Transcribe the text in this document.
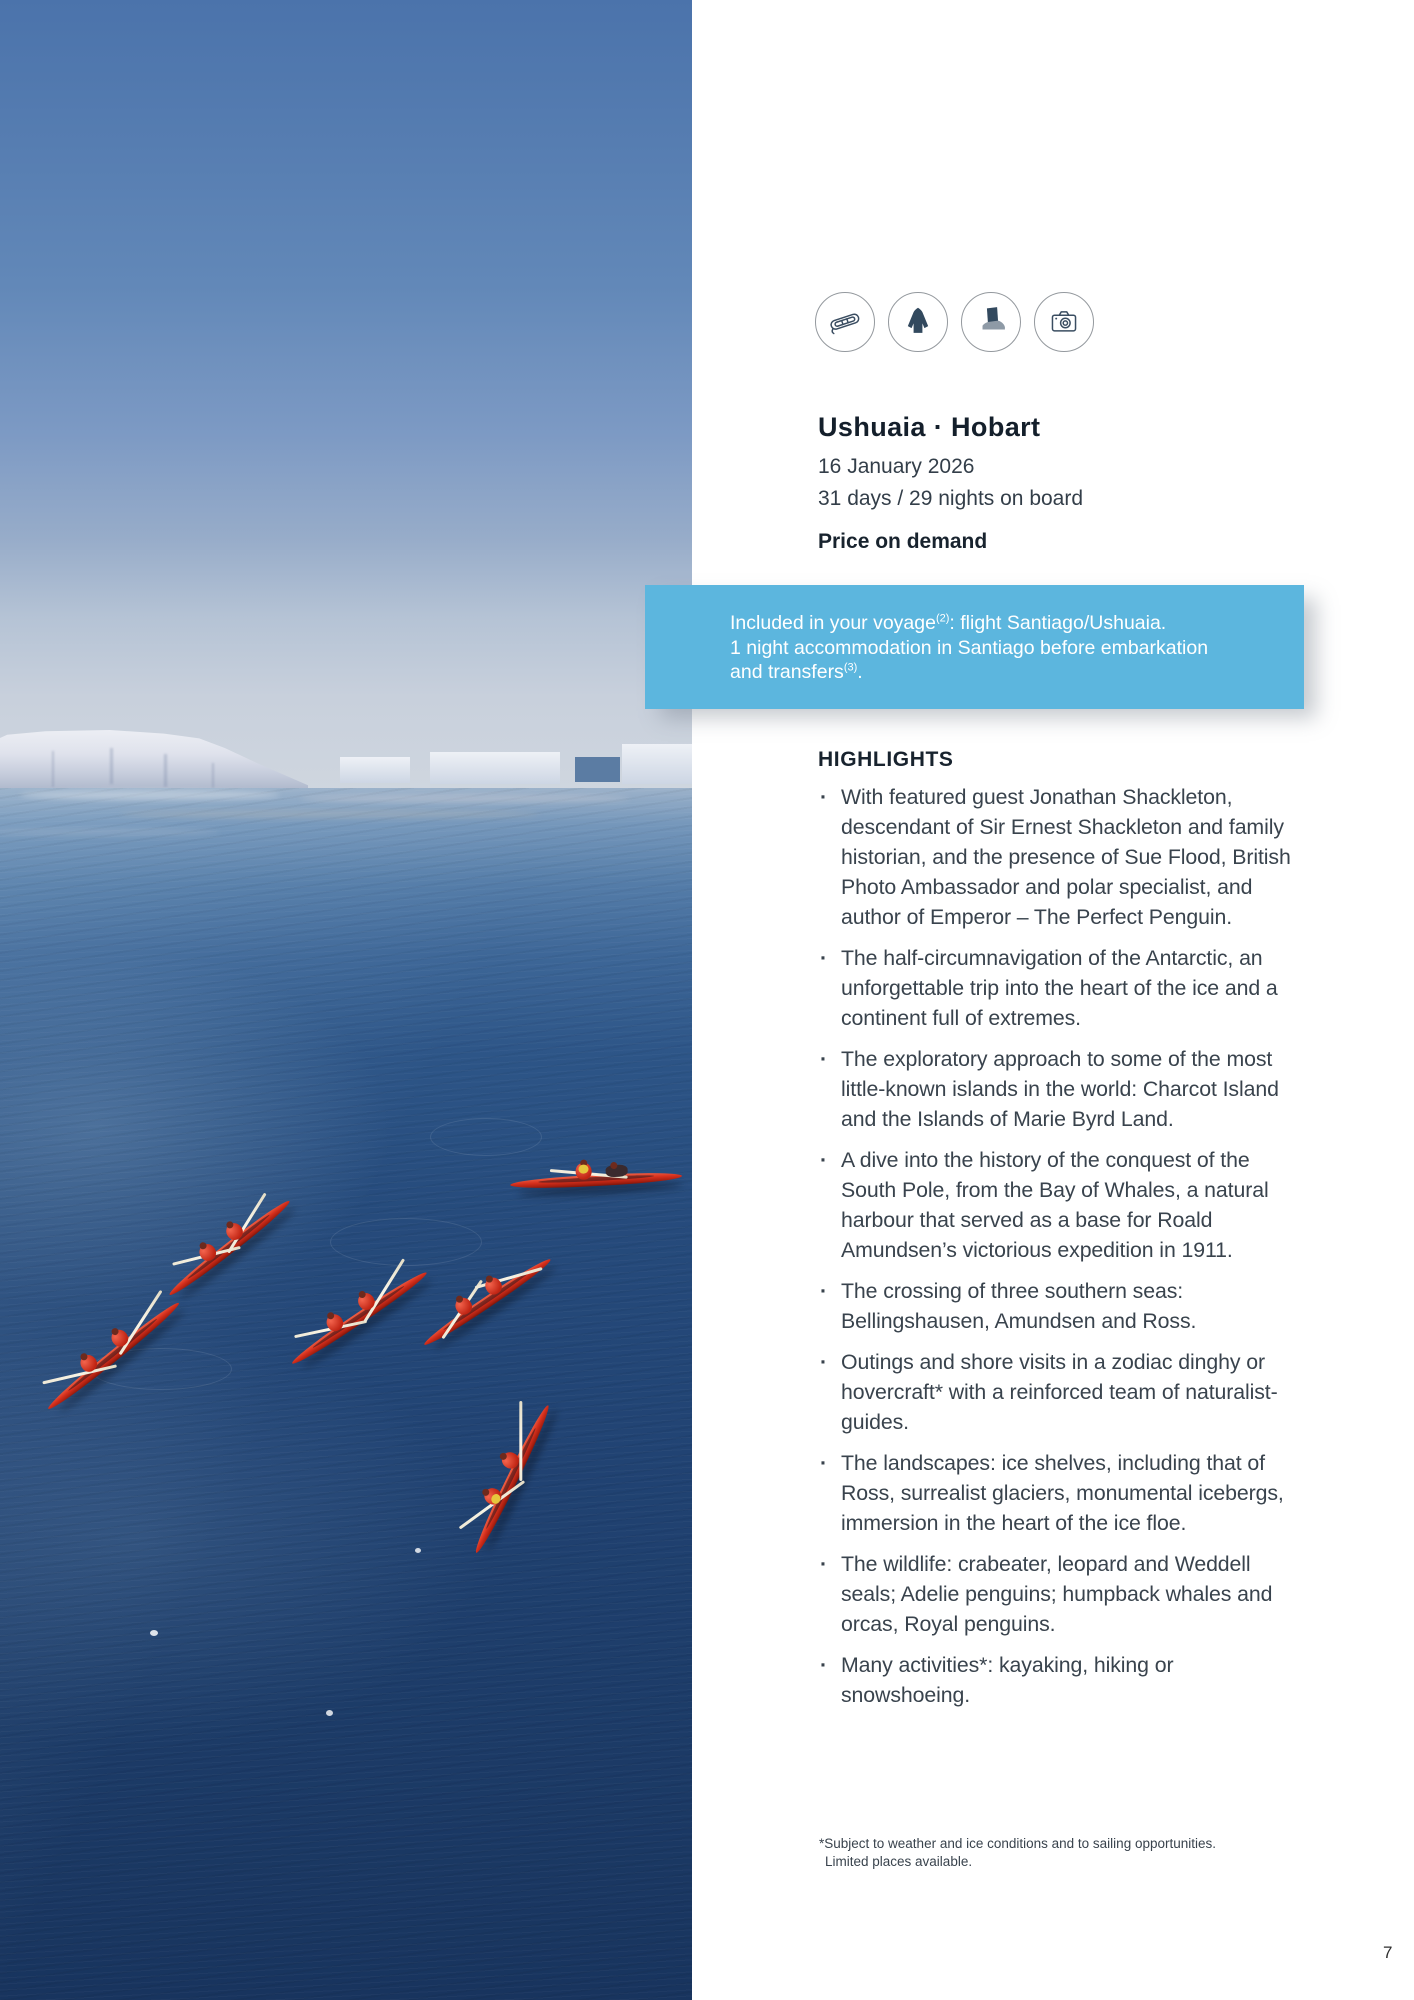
Ushuaia · Hobart
16 January 2026
31 days / 29 nights on board
Price on demand
HIGHLIGHTS
· With featured guest Jonathan Shackleton, descendant of Sir Ernest Shackleton and family historian, and the presence of Sue Flood, British Photo Ambassador and polar specialist, and author of Emperor – The Perfect Penguin.
· The half-circumnavigation of the Antarctic, an unforgettable trip into the heart of the ice and a continent full of extremes.
· The exploratory approach to some of the most little-known islands in the world: Charcot Island and the Islands of Marie Byrd Land.
· A dive into the history of the conquest of the South Pole, from the Bay of Whales, a natural harbour that served as a base for Roald Amundsen’s victorious expedition in 1911.
· The crossing of three southern seas: Bellingshausen, Amundsen and Ross.
· Outings and shore visits in a zodiac dinghy or hovercraft* with a reinforced team of naturalist-guides.
· The landscapes: ice shelves, including that of Ross, surrealist glaciers, monumental icebergs, immersion in the heart of the ice floe.
· The wildlife: crabeater, leopard and Weddell seals; Adelie penguins; humpback whales and orcas, Royal penguins.
· Many activities*: kayaking, hiking or snowshoeing.
*Subject to weather and ice conditions and to sailing opportunities.
Limited places available.
Included in your voyage$^{(2)}$: flight Santiago/Ushuaia.
1 night accommodation in Santiago before embarkation
and transfers$^{(3)}$.
7
